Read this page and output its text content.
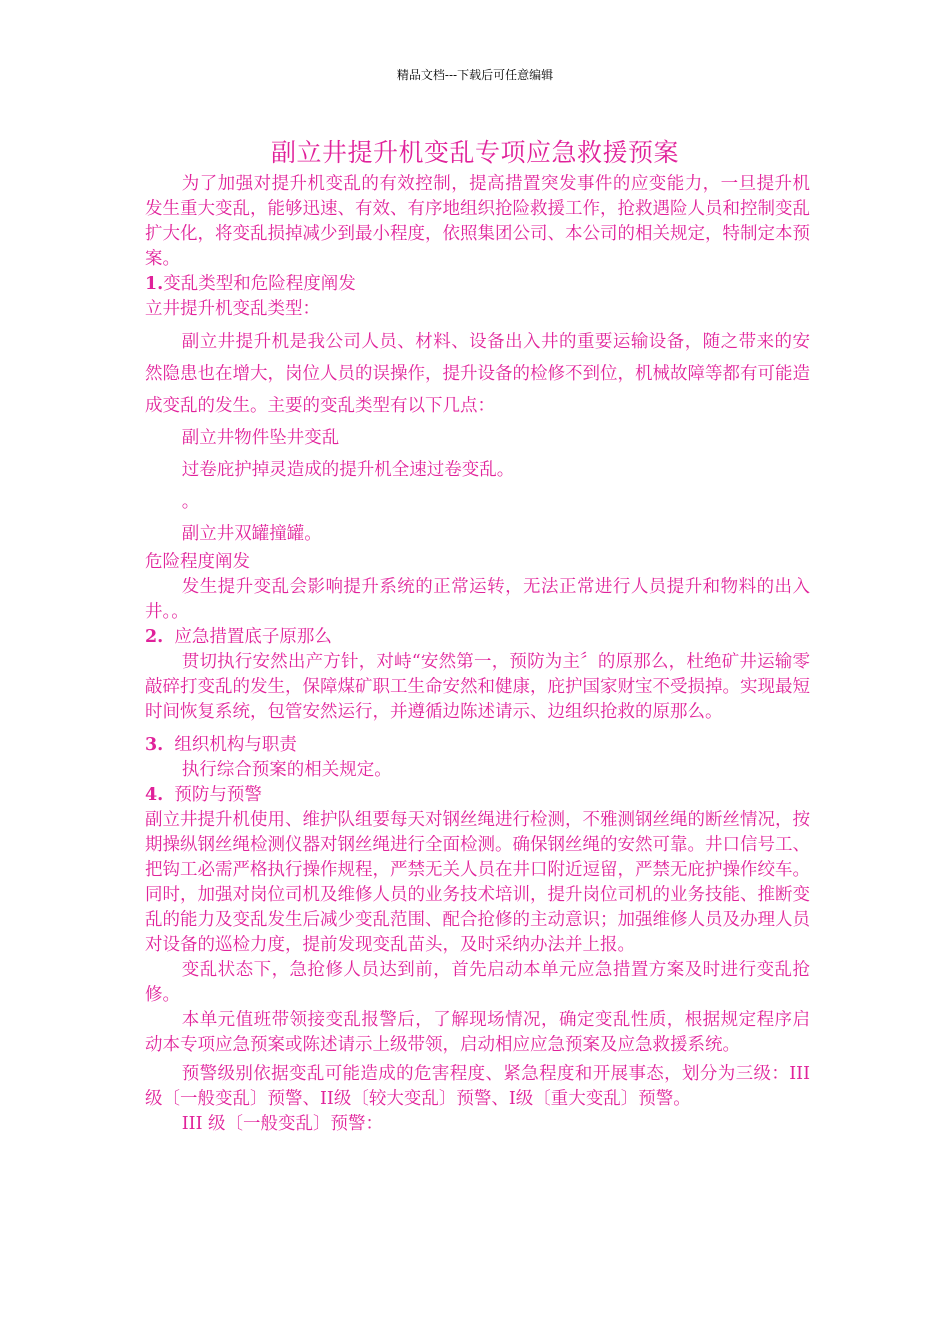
精品文档---下载后可任意编辑
副立井提升机变乱专项应急救援预案

为了加强对提升机变乱的有效控制，提高措置突发事件的应变能力，一旦提升机发生重大变乱，能够迅速、有效、有序地组织抢险救援工作，抢救遇险人员和控制变乱扩大化，将变乱损掉减少到最小程度，依照集团公司、本公司的相关规定，特制定本预案。

1.变乱类型和危险程度阐发

立井提升机变乱类型：

副立井提升机是我公司人员、材料、设备出入井的重要运输设备，随之带来的安然隐患也在增大，岗位人员的误操作，提升设备的检修不到位，机械故障等都有可能造成变乱的发生。主要的变乱类型有以下几点：

副立井物件坠井变乱

过卷庇护掉灵造成的提升机全速过卷变乱。

。

副立井双罐撞罐。

危险程度阐发

发生提升变乱会影响提升系统的正常运转，无法正常进行人员提升和物料的出入井。。

2. 应急措置底子原那么

贯切执行安然出产方针，对峙“安然第一，预防为主〞的原那么，杜绝矿井运输零敲碎打变乱的发生，保障煤矿职工生命安然和健康，庇护国家财宝不受损掉。实现最短时间恢复系统，包管安然运行，并遵循边陈述请示、边组织抢救的原那么。

3. 组织机构与职责

执行综合预案的相关规定。

4. 预防与预警

副立井提升机使用、维护队组要每天对钢丝绳进行检测，不雅测钢丝绳的断丝情况，按期操纵钢丝绳检测仪器对钢丝绳进行全面检测。确保钢丝绳的安然可靠。井口信号工、把钩工必需严格执行操作规程，严禁无关人员在井口附近逗留，严禁无庇护操作绞车。同时，加强对岗位司机及维修人员的业务技术培训，提升岗位司机的业务技能、推断变乱的能力及变乱发生后减少变乱范围、配合抢修的主动意识；加强维修人员及办理人员对设备的巡检力度，提前发现变乱苗头，及时采纳办法并上报。

变乱状态下，急抢修人员达到前，首先启动本单元应急措置方案及时进行变乱抢修。

本单元值班带领接变乱报警后，了解现场情况，确定变乱性质，根据规定程序启动本专项应急预案或陈述请示上级带领，启动相应应急预案及应急救援系统。

预警级别依据变乱可能造成的危害程度、紧急程度和开展事态，划分为三级：III级〔一般变乱〕预警、II级〔较大变乱〕预警、Ⅰ级〔重大变乱〕预警。

III 级〔一般变乱〕预警：
